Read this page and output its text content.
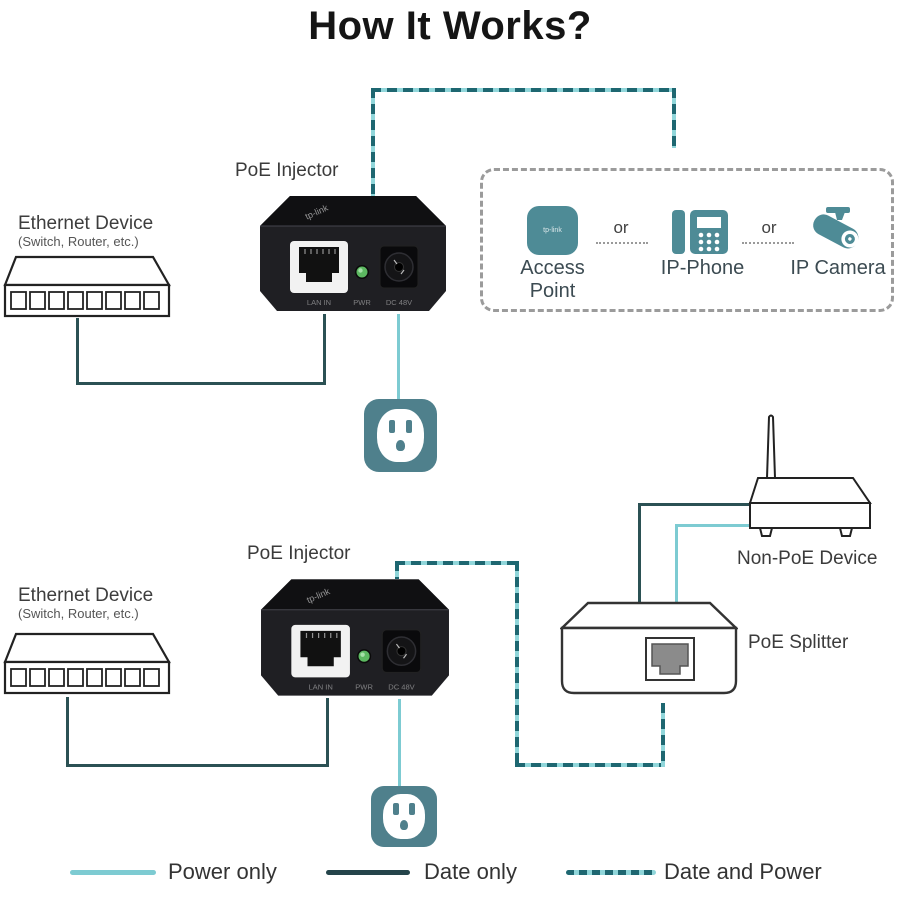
How It Works?
Ethernet Device
(Switch, Router, etc.)
PoE Injector
tp-link
LAN IN	PWR DC 48V
tp-link
Access Point
or
IP-Phone
or
IP Camera
Ethernet Device
(Switch, Router, etc.)
PoE Injector
tp-link
LAN IN	PWR DC 48V
Non-PoE Device
PoE Splitter
Power only	Date only	Date and Power
